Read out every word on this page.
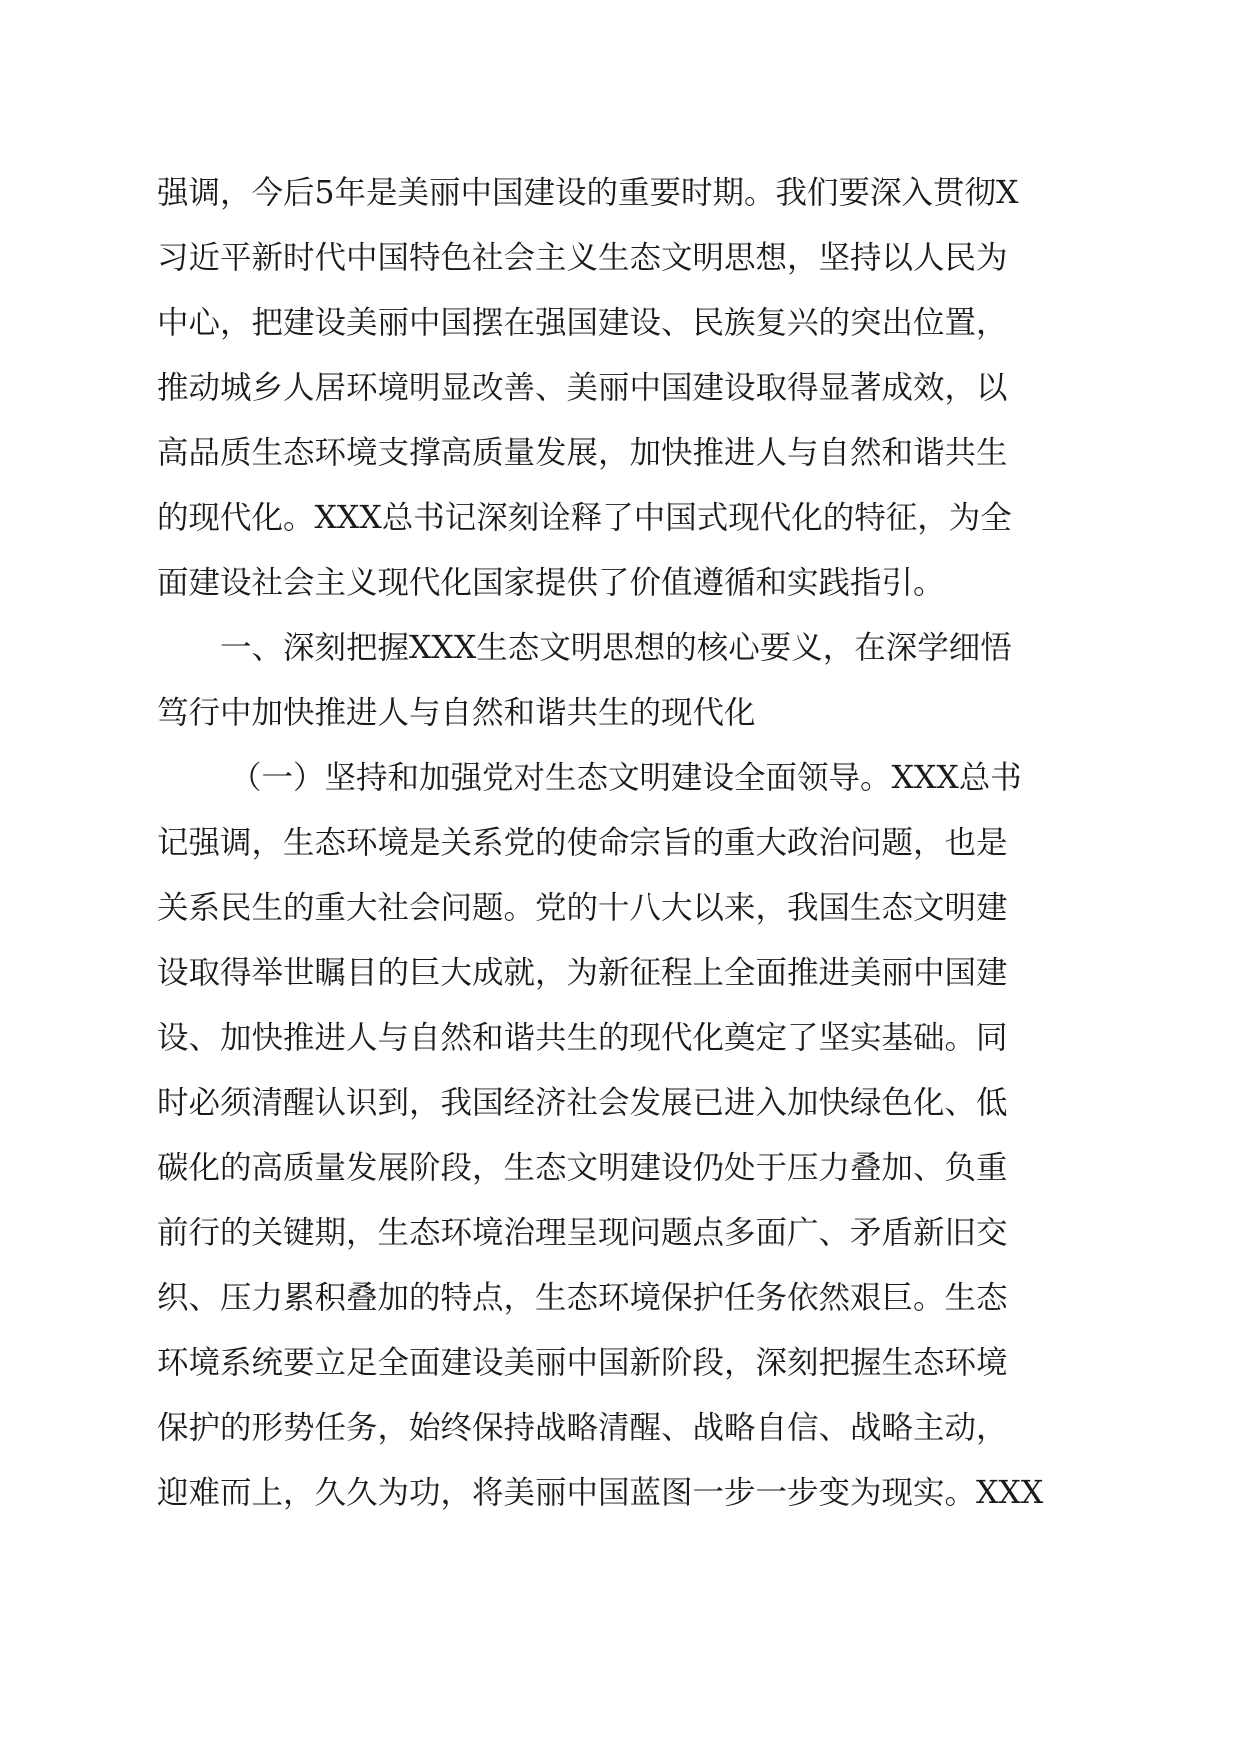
强调，今后5年是美丽中国建设的重要时期。我们要深入贯彻X
习近平新时代中国特色社会主义生态文明思想，坚持以人民为
中心，把建设美丽中国摆在强国建设、民族复兴的突出位置，
推动城乡人居环境明显改善、美丽中国建设取得显著成效，以
高品质生态环境支撑高质量发展，加快推进人与自然和谐共生
的现代化。XXX总书记深刻诠释了中国式现代化的特征，为全
面建设社会主义现代化国家提供了价值遵循和实践指引。
一、深刻把握XXX生态文明思想的核心要义，在深学细悟
笃行中加快推进人与自然和谐共生的现代化
（一）坚持和加强党对生态文明建设全面领导。XXX总书
记强调，生态环境是关系党的使命宗旨的重大政治问题，也是
关系民生的重大社会问题。党的十八大以来，我国生态文明建
设取得举世瞩目的巨大成就，为新征程上全面推进美丽中国建
设、加快推进人与自然和谐共生的现代化奠定了坚实基础。同
时必须清醒认识到，我国经济社会发展已进入加快绿色化、低
碳化的高质量发展阶段，生态文明建设仍处于压力叠加、负重
前行的关键期，生态环境治理呈现问题点多面广、矛盾新旧交
织、压力累积叠加的特点，生态环境保护任务依然艰巨。生态
环境系统要立足全面建设美丽中国新阶段，深刻把握生态环境
保护的形势任务，始终保持战略清醒、战略自信、战略主动，
迎难而上，久久为功，将美丽中国蓝图一步一步变为现实。XXX
